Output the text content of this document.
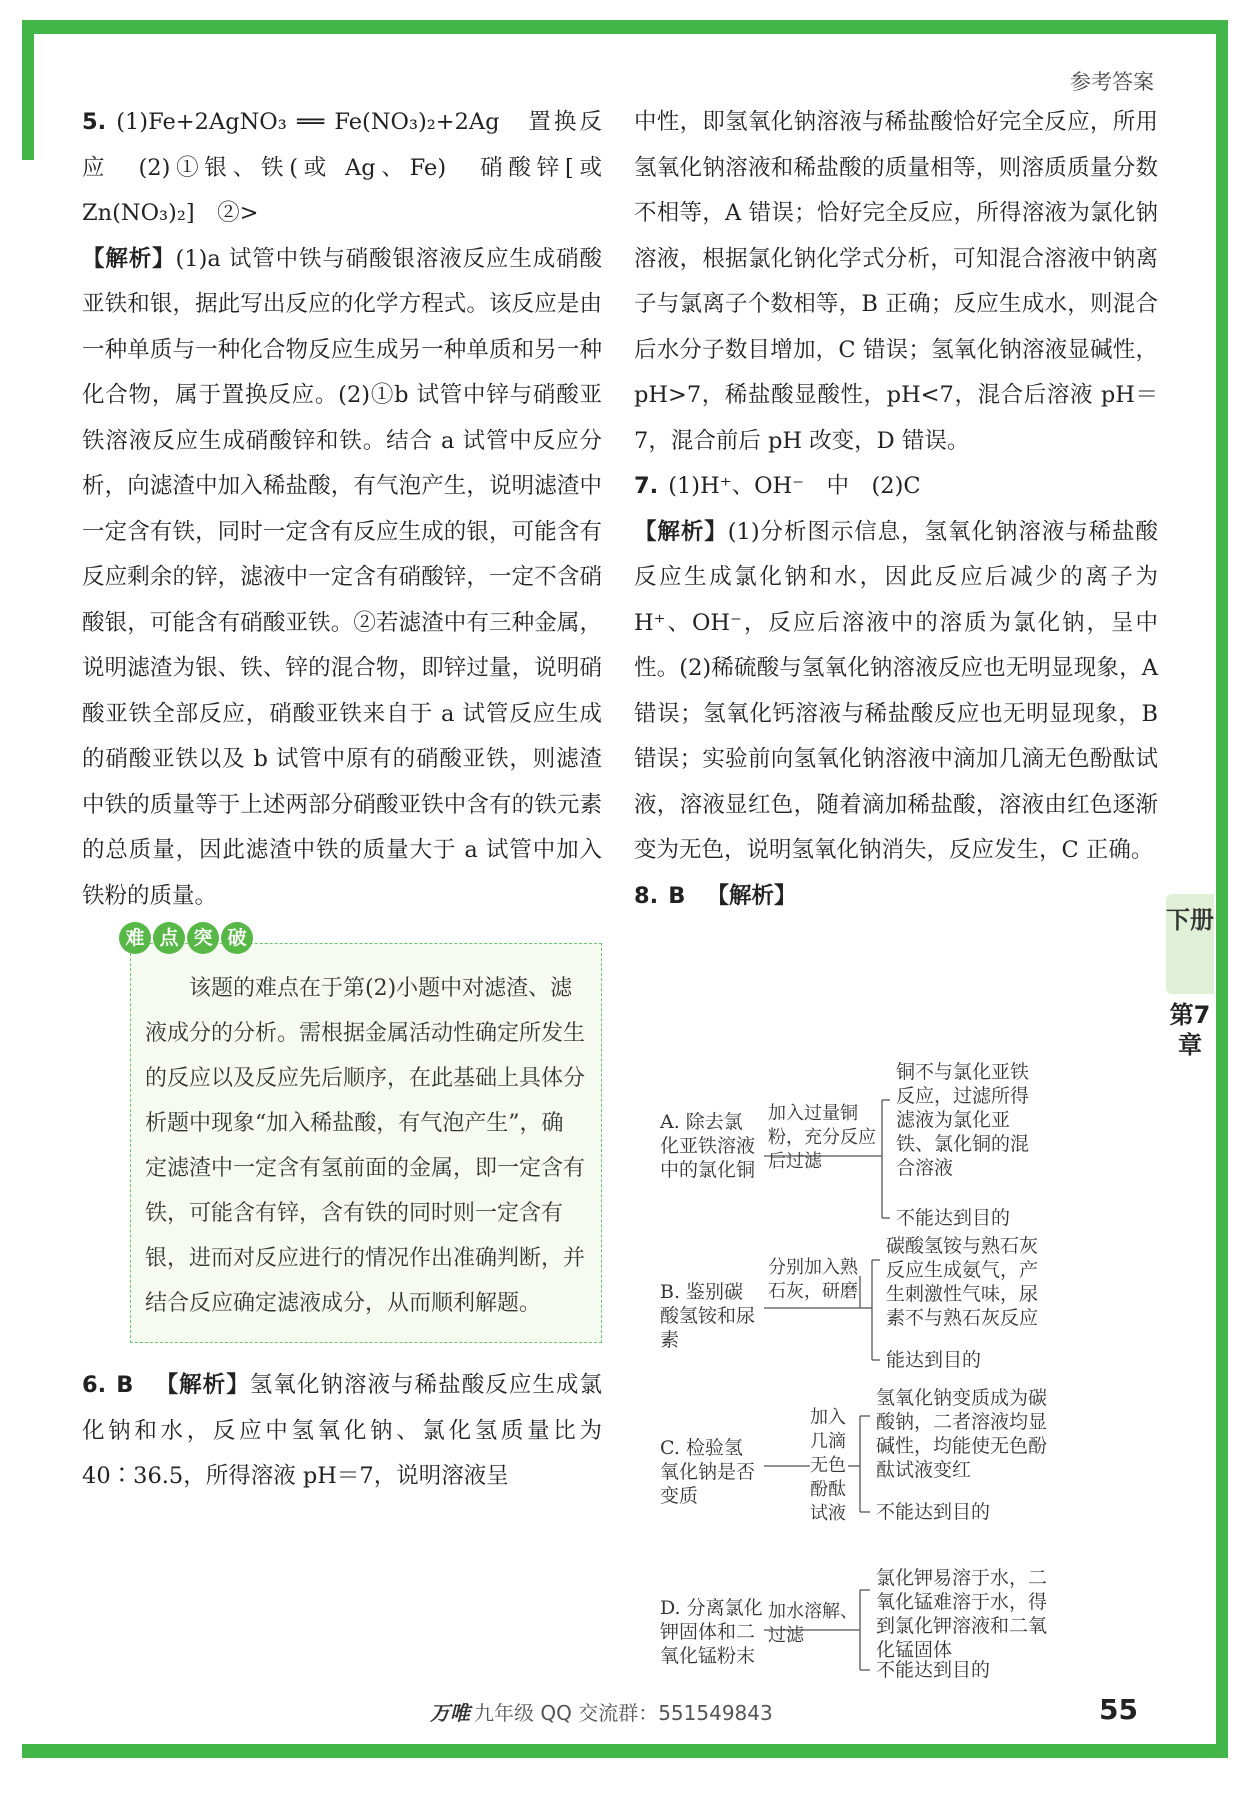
参考答案

5. (1)Fe+2AgNO₃ ══ Fe(NO₃)₂+2Ag　置换反应　(2)①银、铁(或 Ag、Fe)　硝酸锌[或 Zn(NO₃)₂]　②>

【解析】(1)a 试管中铁与硝酸银溶液反应生成硝酸亚铁和银，据此写出反应的化学方程式。该反应是由一种单质与一种化合物反应生成另一种单质和另一种化合物，属于置换反应。(2)①b 试管中锌与硝酸亚铁溶液反应生成硝酸锌和铁。结合 a 试管中反应分析，向滤渣中加入稀盐酸，有气泡产生，说明滤渣中一定含有铁，同时一定含有反应生成的银，可能含有反应剩余的锌，滤液中一定含有硝酸锌，一定不含硝酸银，可能含有硝酸亚铁。②若滤渣中有三种金属，说明滤渣为银、铁、锌的混合物，即锌过量，说明硝酸亚铁全部反应，硝酸亚铁来自于 a 试管反应生成的硝酸亚铁以及 b 试管中原有的硝酸亚铁，则滤渣中铁的质量等于上述两部分硝酸亚铁中含有的铁元素的总质量，因此滤渣中铁的质量大于 a 试管中加入铁粉的质量。

难 点 突 破
该题的难点在于第(2)小题中对滤渣、滤液成分的分析。需根据金属活动性确定所发生的反应以及反应先后顺序，在此基础上具体分析题中现象“加入稀盐酸，有气泡产生”，确定滤渣中一定含有氢前面的金属，即一定含有铁，可能含有锌，含有铁的同时则一定含有银，进而对反应进行的情况作出准确判断，并结合反应确定滤液成分，从而顺利解题。

6. B 【解析】氢氧化钠溶液与稀盐酸反应生成氯化钠和水，反应中氢氧化钠、氯化氢质量比为 40∶36.5，所得溶液 pH＝7，说明溶液呈

中性，即氢氧化钠溶液与稀盐酸恰好完全反应，所用氢氧化钠溶液和稀盐酸的质量相等，则溶质质量分数不相等，A 错误；恰好完全反应，所得溶液为氯化钠溶液，根据氯化钠化学式分析，可知混合溶液中钠离子与氯离子个数相等，B 正确；反应生成水，则混合后水分子数目增加，C 错误；氢氧化钠溶液显碱性，pH>7，稀盐酸显酸性，pH<7，混合后溶液 pH＝7，混合前后 pH 改变，D 错误。

7. (1)H⁺、OH⁻　中　(2)C

【解析】(1)分析图示信息，氢氧化钠溶液与稀盐酸反应生成氯化钠和水，因此反应后减少的离子为 H⁺、OH⁻，反应后溶液中的溶质为氯化钠，呈中性。(2)稀硫酸与氢氧化钠溶液反应也无明显现象，A 错误；氢氧化钙溶液与稀盐酸反应也无明显现象，B 错误；实验前向氢氧化钠溶液中滴加几滴无色酚酞试液，溶液显红色，随着滴加稀盐酸，溶液由红色逐渐变为无色，说明氢氧化钠消失，反应发生，C 正确。

8. B 【解析】

A. 除去氯化亚铁溶液中的氯化铜
加入过量铜粉，充分反应后过滤
铜不与氯化亚铁反应，过滤所得滤液为氯化亚铁、氯化铜的混合溶液
不能达到目的
B. 鉴别碳酸氢铵和尿素
分别加入熟石灰，研磨
碳酸氢铵与熟石灰反应生成氨气，产生刺激性气味，尿素不与熟石灰反应
能达到目的
C. 检验氢氧化钠是否变质
加入几滴无色酚酞试液
氢氧化钠变质成为碳酸钠，二者溶液均显碱性，均能使无色酚酞试液变红
不能达到目的
D. 分离氯化钾固体和二氧化锰粉末
加水溶解、过滤
氯化钾易溶于水，二氧化锰难溶于水，得到氯化钾溶液和二氧化锰固体
不能达到目的
下册
第7章
万唯 九年级 QQ 交流群：551549843	55
